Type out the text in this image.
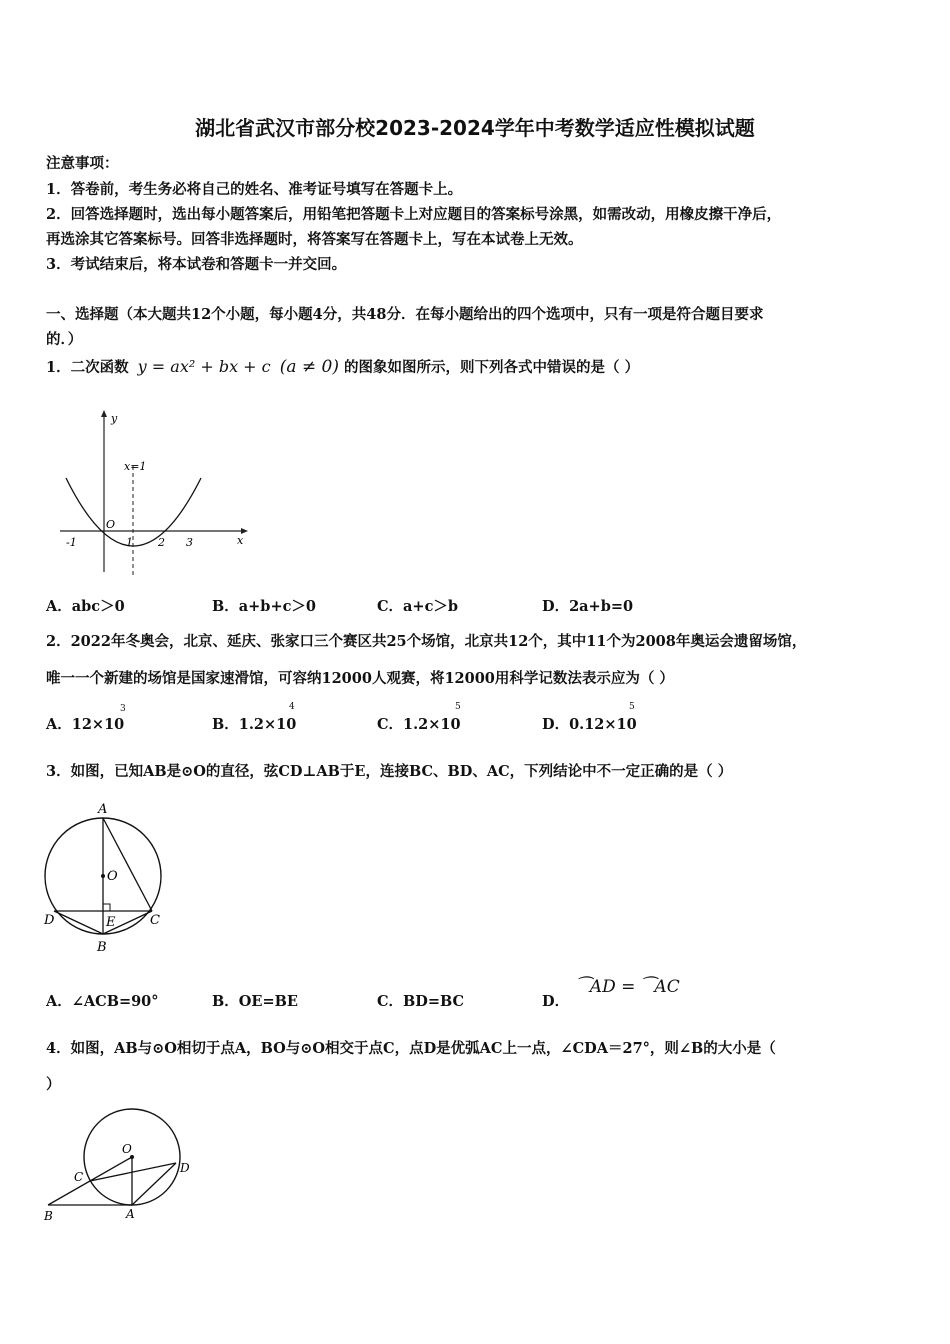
湖北省武汉市部分校2023-2024学年中考数学适应性模拟试题
注意事项：
1．答卷前，考生务必将自己的姓名、准考证号填写在答题卡上。
2．回答选择题时，选出每小题答案后，用铅笔把答题卡上对应题目的答案标号涂黑，如需改动，用橡皮擦干净后，
再选涂其它答案标号。回答非选择题时，将答案写在答题卡上，写在本试卷上无效。
3．考试结束后，将本试卷和答题卡一并交回。
一、选择题（本大题共12个小题，每小题4分，共48分．在每小题给出的四个选项中，只有一项是符合题目要求
的．）
1．二次函数 y = ax² + bx + c (a ≠ 0) 的图象如图所示，则下列各式中错误的是（ ）
y
x
x=1
O
-1	1 2 3
A．abc＞0	B．a+b+c＞0	C．a+c＞b	D．2a+b=0
2．2022年冬奥会，北京、延庆、张家口三个赛区共25个场馆，北京共12个，其中11个为2008年奥运会遗留场馆，
唯一一个新建的场馆是国家速滑馆，可容纳12000人观赛，将12000用科学记数法表示应为（ ）
A．12×10
3
B．1.2×10
4
C．1.2×10
5
D．0.12×10
5
3．如图，已知AB是⊙O的直径，弦CD⊥AB于E，连接BC、BD、AC，下列结论中不一定正确的是（ ）
A
O
D	E	C
B
A．∠ACB=90°	B．OE=BE	C．BD=BC	D． ⁀AD = ⁀AC
4．如图，AB与⊙O相切于点A，BO与⊙O相交于点C，点D是优弧AC上一点，∠CDA＝27°，则∠B的大小是（
）
O
C
D
B	A
